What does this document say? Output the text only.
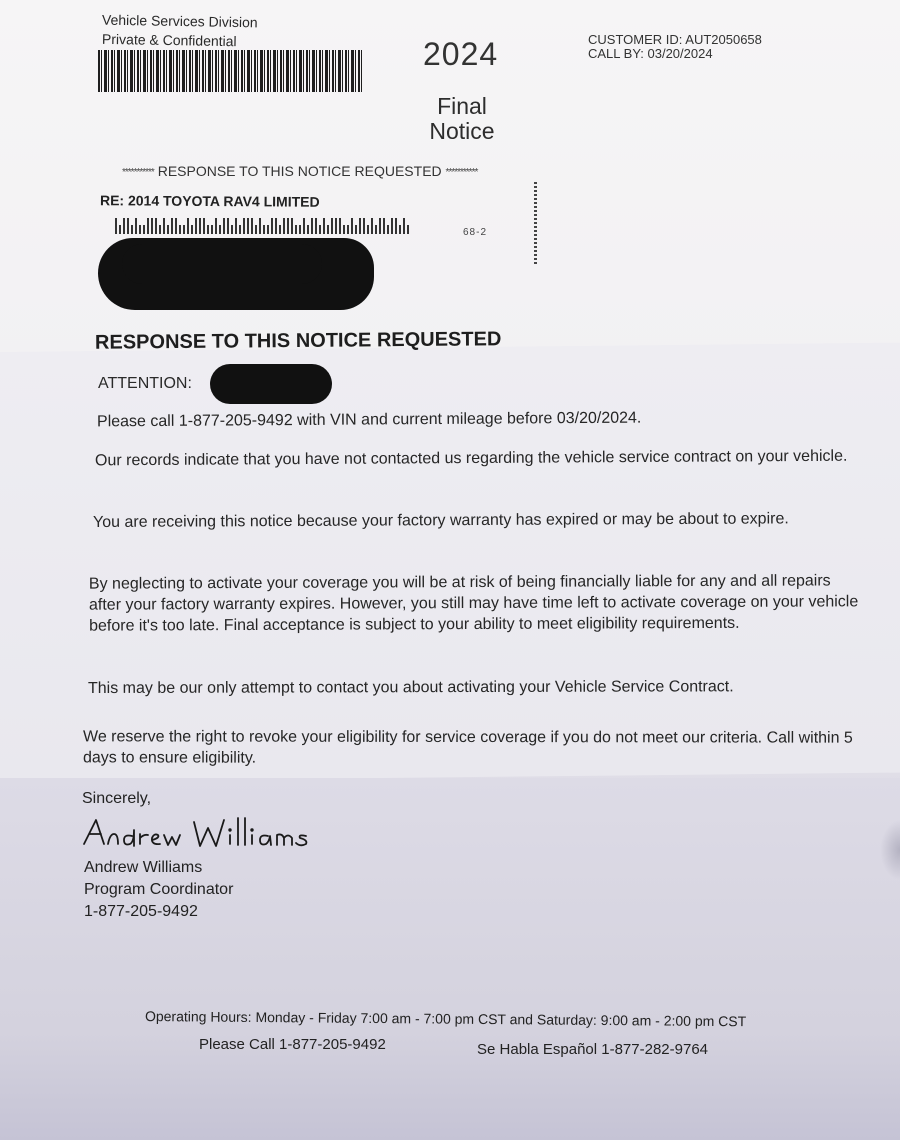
Vehicle Services Division
Private & Confidential	2024
Final Notice
CUSTOMER ID: AUT2050658
CALL BY: 03/20/2024
*********** RESPONSE TO THIS NOTICE REQUESTED ***********
RE: 2014 TOYOTA RAV4 LIMITED
68-2
RESPONSE TO THIS NOTICE REQUESTED
ATTENTION:
Please call 1-877-205-9492 with VIN and current mileage before 03/20/2024.
Our records indicate that you have not contacted us regarding the vehicle service contract on your vehicle.
You are receiving this notice because your factory warranty has expired or may be about to expire.
By neglecting to activate your coverage you will be at risk of being financially liable for any and all repairs after your factory warranty expires. However, you still may have time left to activate coverage on your vehicle before it's too late. Final acceptance is subject to your ability to meet eligibility requirements.
This may be our only attempt to contact you about activating your Vehicle Service Contract.
We reserve the right to revoke your eligibility for service coverage if you do not meet our criteria. Call within 5 days to ensure eligibility.
Sincerely,
Andrew Williams
Program Coordinator
1-877-205-9492
Operating Hours: Monday - Friday 7:00 am - 7:00 pm CST and Saturday: 9:00 am - 2:00 pm CST
Please Call 1-877-205-9492	Se Habla Español 1-877-282-9764
